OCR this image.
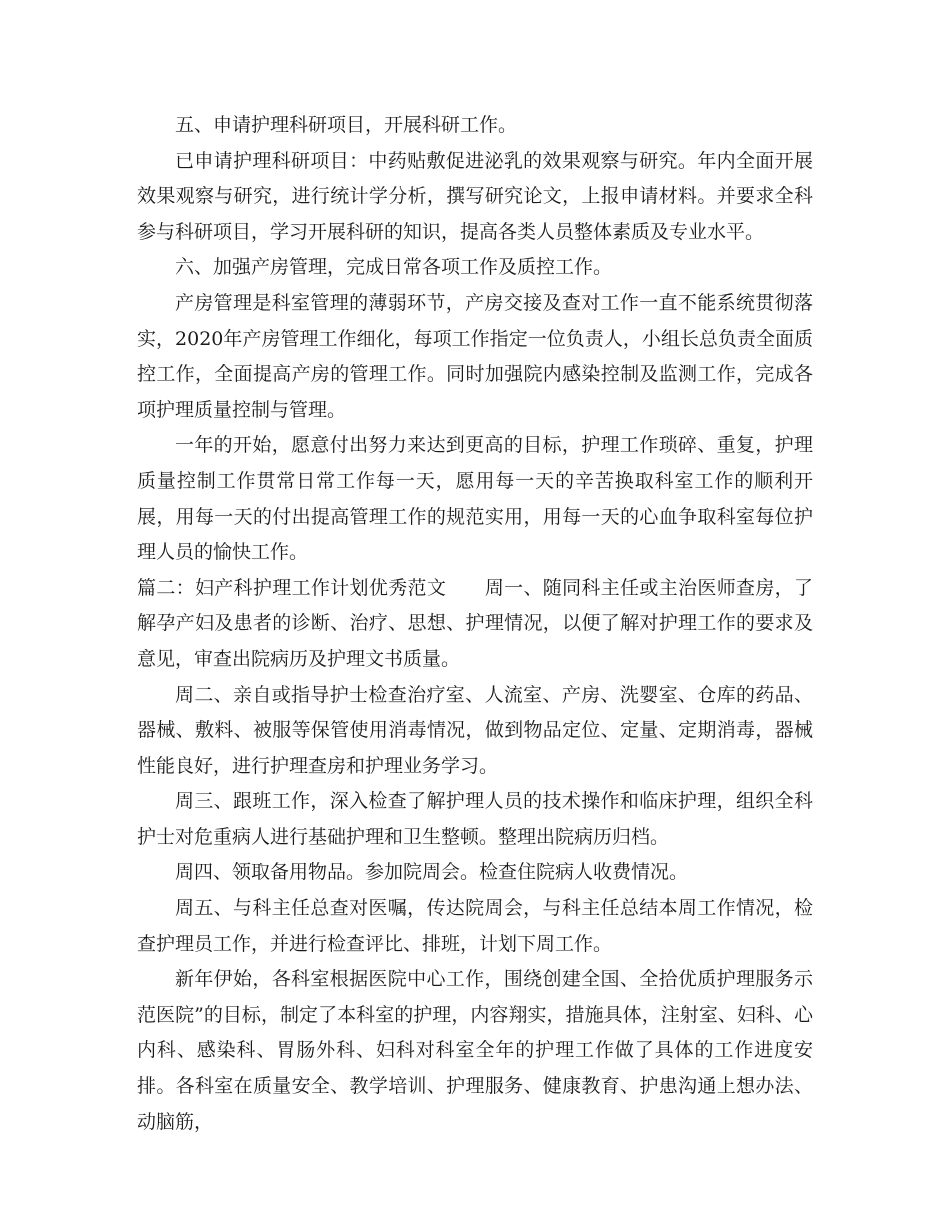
五、申请护理科研项目，开展科研工作。

已申请护理科研项目：中药贴敷促进泌乳的效果观察与研究。年内全面开展效果观察与研究，进行统计学分析，撰写研究论文，上报申请材料。并要求全科参与科研项目，学习开展科研的知识，提高各类人员整体素质及专业水平。

六、加强产房管理，完成日常各项工作及质控工作。

产房管理是科室管理的薄弱环节，产房交接及查对工作一直不能系统贯彻落实，2020年产房管理工作细化，每项工作指定一位负责人，小组长总负责全面质控工作，全面提高产房的管理工作。同时加强院内感染控制及监测工作，完成各项护理质量控制与管理。

一年的开始，愿意付出努力来达到更高的目标，护理工作琐碎、重复，护理质量控制工作贯常日常工作每一天，愿用每一天的辛苦换取科室工作的顺利开展，用每一天的付出提高管理工作的规范实用，用每一天的心血争取科室每位护理人员的愉快工作。

篇二：妇产科护理工作计划优秀范文　　周一、随同科主任或主治医师查房，了解孕产妇及患者的诊断、治疗、思想、护理情况，以便了解对护理工作的要求及意见，审查出院病历及护理文书质量。

周二、亲自或指导护士检查治疗室、人流室、产房、洗婴室、仓库的药品、器械、敷料、被服等保管使用消毒情况，做到物品定位、定量、定期消毒，器械性能良好，进行护理查房和护理业务学习。

周三、跟班工作，深入检查了解护理人员的技术操作和临床护理，组织全科护士对危重病人进行基础护理和卫生整顿。整理出院病历归档。

周四、领取备用物品。参加院周会。检查住院病人收费情况。

周五、与科主任总查对医嘱，传达院周会，与科主任总结本周工作情况，检查护理员工作，并进行检查评比、排班，计划下周工作。

新年伊始，各科室根据医院中心工作，围绕创建全国、全拾优质护理服务示范医院”的目标，制定了本科室的护理，内容翔实，措施具体，注射室、妇科、心内科、感染科、胃肠外科、妇科对科室全年的护理工作做了具体的工作进度安排。各科室在质量安全、教学培训、护理服务、健康教育、护患沟通上想办法、动脑筋，
